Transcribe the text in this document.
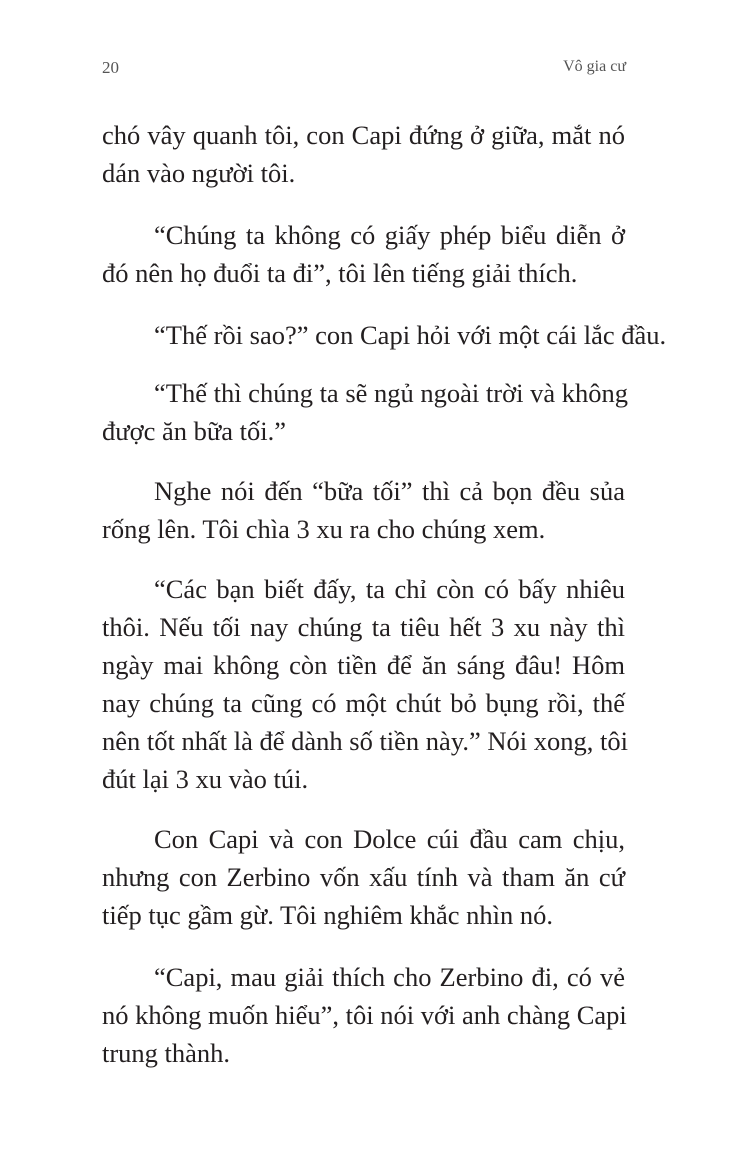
20	Vô gia cư
chó vây quanh tôi, con Capi đứng ở giữa, mắt nó
dán vào người tôi.
“Chúng ta không có giấy phép biểu diễn ở
đó nên họ đuổi ta đi”, tôi lên tiếng giải thích.
“Thế rồi sao?” con Capi hỏi với một cái lắc đầu.
“Thế thì chúng ta sẽ ngủ ngoài trời và không
được ăn bữa tối.”
Nghe nói đến “bữa tối” thì cả bọn đều sủa
rống lên. Tôi chìa 3 xu ra cho chúng xem.
“Các bạn biết đấy, ta chỉ còn có bấy nhiêu
thôi. Nếu tối nay chúng ta tiêu hết 3 xu này thì
ngày mai không còn tiền để ăn sáng đâu! Hôm
nay chúng ta cũng có một chút bỏ bụng rồi, thế
nên tốt nhất là để dành số tiền này.” Nói xong, tôi
đút lại 3 xu vào túi.
Con Capi và con Dolce cúi đầu cam chịu,
nhưng con Zerbino vốn xấu tính và tham ăn cứ
tiếp tục gầm gừ. Tôi nghiêm khắc nhìn nó.
“Capi, mau giải thích cho Zerbino đi, có vẻ
nó không muốn hiểu”, tôi nói với anh chàng Capi
trung thành.
